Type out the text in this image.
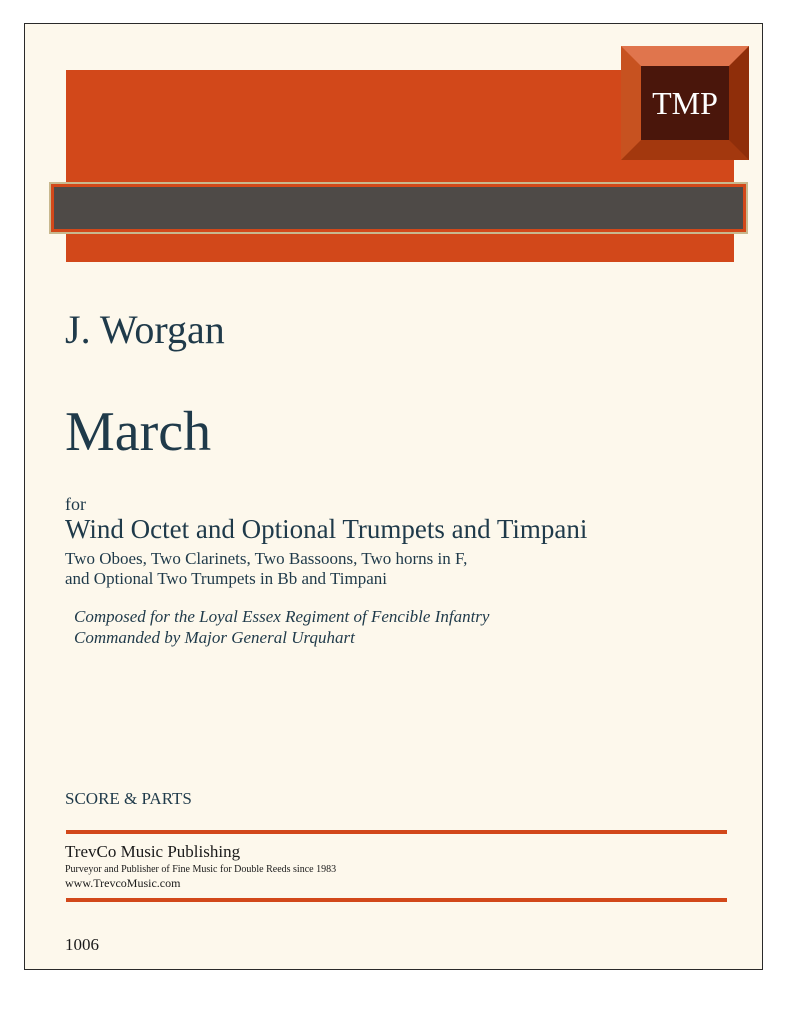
TMP
J. Worgan
March
for
Wind Octet and Optional Trumpets and Timpani
Two Oboes, Two Clarinets, Two Bassoons, Two horns in F,
and Optional Two Trumpets in Bb and Timpani
Composed for the Loyal Essex Regiment of Fencible Infantry
Commanded by Major General Urquhart
SCORE & PARTS
TrevCo Music Publishing
Purveyor and Publisher of Fine Music for Double Reeds since 1983
www.TrevcoMusic.com
1006
